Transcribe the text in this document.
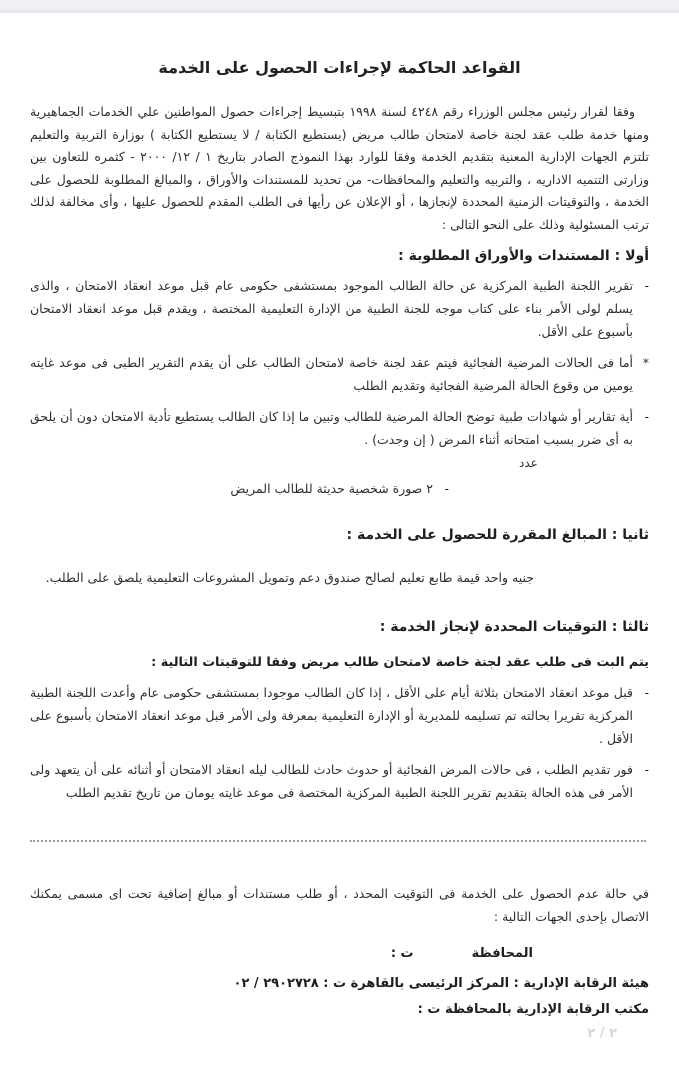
القواعد الحاكمة لإجراءات الحصول على الخدمة
وفقا لقرار رئيس مجلس الوزراء رقم ٤٢٤٨ لسنة ١٩٩٨ بتبسيط إجراءات حصول المواطنين علي الخدمات الجماهيرية ومنها خدمة طلب عقد لجنة خاصة لامتحان طالب مريض (يستطيع الكتابة / لا يستطيع الكتابة ) بوزارة التربية والتعليم تلتزم الجهات الإدارية المعنية بتقديم الخدمة وفقا للوارد بهذا النموذج الصادر بتاريخ ١ / ١٢/ ٢٠٠٠ - كثمره للتعاون بين وزارتى التنميه الاداريه ، والتربيه والتعليم والمحافظات- من تحديد للمستندات والأوراق ، والمبالغ المطلوبة للحصول على الخدمة ، والتوقيتات الزمنية المحددة لإنجازها ، أو الإعلان عن رأيها فى الطلب المقدم للحصول عليها ، وأى مخالفة لذلك ترتب المسئولية وذلك على النحو التالى :
أولا : المستندات والأوراق المطلوبة :
-
تقرير اللجنة الطبية المركزية عن حالة الطالب الموجود بمستشفى حكومى عام قبل موعد انعقاد الامتحان ، والذى يسلم لولى الأمر بناء على كتاب موجه للجنة الطبية من الإدارة التعليمية المختصة ، ويقدم قبل موعد انعقاد الامتحان بأسبوع على الأقل.
*
أما فى الحالات المرضية الفجائية فيتم عقد لجنة خاصة لامتحان الطالب على أن يقدم التقرير الطبى فى موعد غايته يومين من وقوع الحالة المرضية الفجائية وتقديم الطلب
-
أية تقارير أو شهادات طبية توضح الحالة المرضية للطالب وتبين ما إذا كان الطالب يستطيع تأدية الامتحان دون أن يلحق به أى ضرر بسبب امتحانه أثناء المرض ( إن وجدت) .
عدد
-
٢ صورة شخصية حديثة للطالب المريض
ثانيا : المبالغ المقررة للحصول على الخدمة :
جنيه واحد قيمة طابع تعليم لصالح صندوق دعم وتمويل المشروعات التعليمية يلصق على الطلب.
ثالثا : التوقيتات المحددة لإنجاز الخدمة :
يتم البت فى طلب عقد لجنة خاصة لامتحان طالب مريض وفقا للتوقيتات التالية :
-
قبل موعد انعقاد الامتحان بثلاثة أيام على الأقل ، إذا كان الطالب موجودا بمستشفى حكومى عام وأعدت اللجنة الطبية المركزية تقريرا بحالته تم تسليمه للمديرية أو الإدارة التعليمية بمعرفة ولى الأمر قبل موعد انعقاد الامتحان بأسبوع على الأقل .
-
فور تقديم الطلب ، فى حالات المرض الفجائية أو حدوث حادث للطالب ليله انعقاد الامتحان أو أثنائه على أن يتعهد ولى الأمر فى هذه الحالة بتقديم تقرير اللجنة الطبية المركزية المختصة فى موعد غايته يومان من تاريخ تقديم الطلب
في حالة عدم الحصول على الخدمة فى التوقيت المحدد ، أو طلب مستندات أو مبالغ إضافية تحت اى مسمى يمكنك الاتصال بإحدى الجهات التالية :
المحافظة
ت :
هيئة الرقابة الإدارية : المركز الرئيسى بالقاهرة ت : ٢٩٠٢٧٢٨ / ٠٢
مكتب الرقابة الإدارية بالمحافظة ت :
٢ / ٢
